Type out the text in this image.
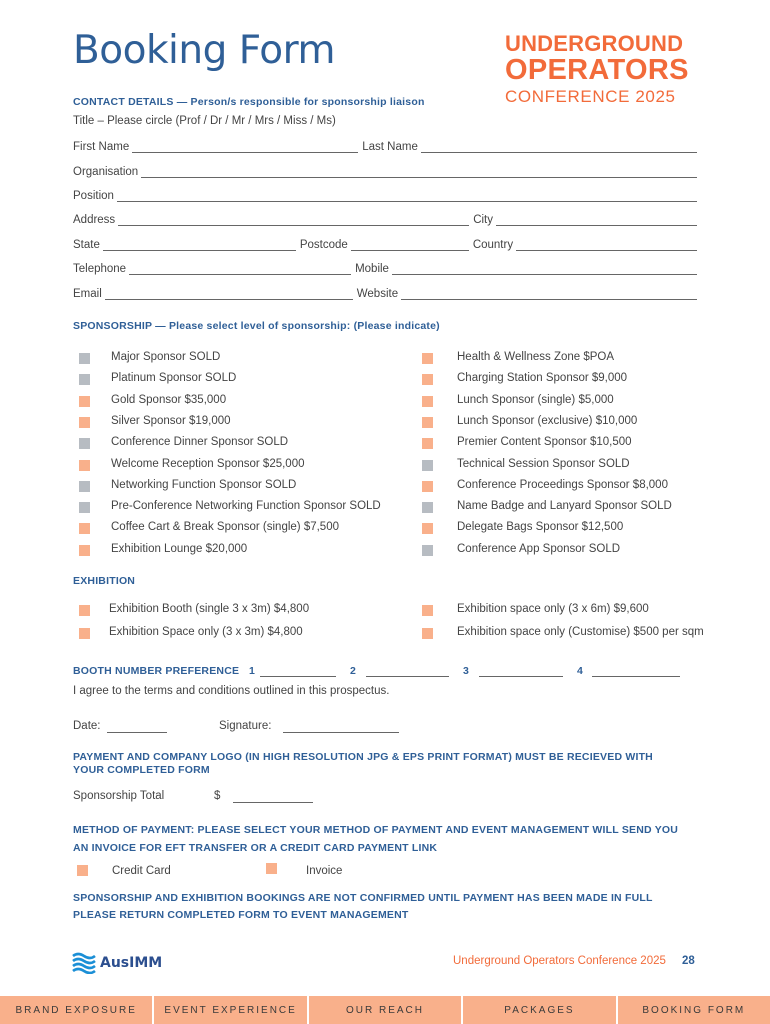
Booking Form	UNDERGROUND
OPERATORS
CONFERENCE 2025
CONTACT DETAILS — Person/s responsible for sponsorship liaison
Title – Please circle (Prof / Dr / Mr / Mrs / Miss / Ms)
First Name	Last Name
Organisation
Position
Address	City
State	Postcode	Country
Telephone	Mobile
Email	Website
SPONSORSHIP — Please select level of sponsorship: (Please indicate)
Major Sponsor SOLD
Platinum Sponsor SOLD
Gold Sponsor $35,000
Silver Sponsor $19,000
Conference Dinner Sponsor SOLD
Welcome Reception Sponsor $25,000
Networking Function Sponsor SOLD
Pre-Conference Networking Function Sponsor SOLD
Coffee Cart & Break Sponsor (single) $7,500
Exhibition Lounge $20,000
Health & Wellness Zone $POA
Charging Station Sponsor $9,000
Lunch Sponsor (single) $5,000
Lunch Sponsor (exclusive) $10,000
Premier Content Sponsor $10,500
Technical Session Sponsor SOLD
Conference Proceedings Sponsor $8,000
Name Badge and Lanyard Sponsor SOLD
Delegate Bags Sponsor $12,500
Conference App Sponsor SOLD
EXHIBITION
Exhibition Booth (single 3 x 3m) $4,800
Exhibition Space only (3 x 3m) $4,800
Exhibition space only (3 x 6m) $9,600
Exhibition space only (Customise) $500 per sqm
BOOTH NUMBER PREFERENCE 1	2	3	4
I agree to the terms and conditions outlined in this prospectus.
Date:	Signature:
PAYMENT AND COMPANY LOGO (IN HIGH RESOLUTION JPG & EPS PRINT FORMAT) MUST BE RECIEVED WITH
YOUR COMPLETED FORM
Sponsorship Total	$
METHOD OF PAYMENT: PLEASE SELECT YOUR METHOD OF PAYMENT AND EVENT MANAGEMENT WILL SEND YOU
AN INVOICE FOR EFT TRANSFER OR A CREDIT CARD PAYMENT LINK
Credit Card	Invoice
SPONSORSHIP AND EXHIBITION BOOKINGS ARE NOT CONFIRMED UNTIL PAYMENT HAS BEEN MADE IN FULL
PLEASE RETURN COMPLETED FORM TO EVENT MANAGEMENT
AusIMM	Underground Operators Conference 2025 28
BRAND EXPOSURE	EVENT EXPERIENCE	OUR REACH	PACKAGES	BOOKING FORM
